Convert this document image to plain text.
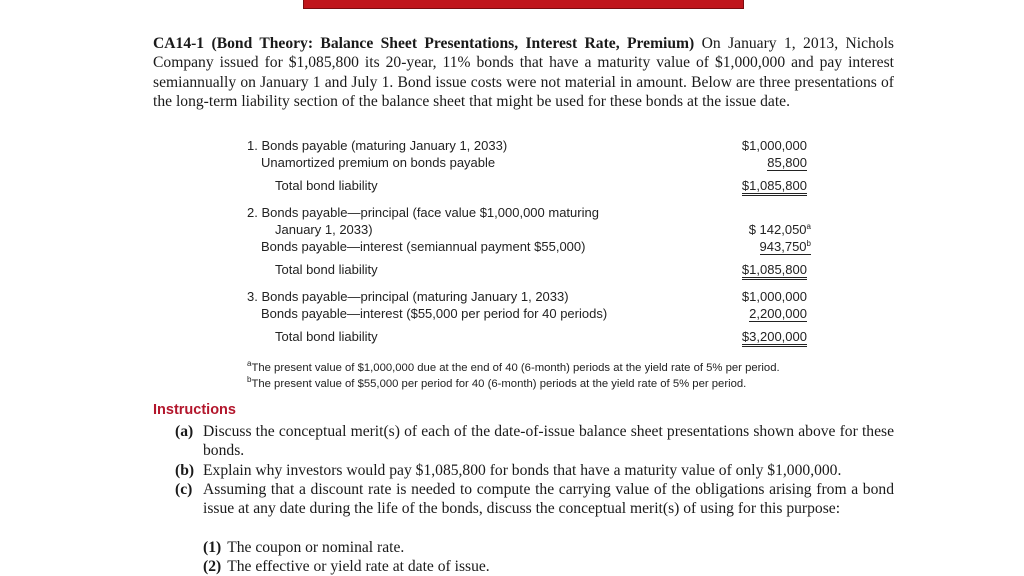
CA14-1 (Bond Theory: Balance Sheet Presentations, Interest Rate, Premium) On January 1, 2013, Nichols Company issued for $1,085,800 its 20-year, 11% bonds that have a maturity value of $1,000,000 and pay interest semiannually on January 1 and July 1. Bond issue costs were not material in amount. Below are three presentations of the long-term liability section of the balance sheet that might be used for these bonds at the issue date.
1. Bonds payable (maturing January 1, 2033)	$1,000,000
Unamortized premium on bonds payable	85,800
Total bond liability	$1,085,800
2. Bonds payable—principal (face value $1,000,000 maturing
January 1, 2033)	$ 142,050$^a$
Bonds payable—interest (semiannual payment $55,000)	943,750$^b$
Total bond liability	$1,085,800
3. Bonds payable—principal (maturing January 1, 2033)	$1,000,000
Bonds payable—interest ($55,000 per period for 40 periods)	2,200,000
Total bond liability	$3,200,000
$^a$The present value of $1,000,000 due at the end of 40 (6-month) periods at the yield rate of 5% per period.
$^b$The present value of $55,000 per period for 40 (6-month) periods at the yield rate of 5% per period.
Instructions
(a) Discuss the conceptual merit(s) of each of the date-of-issue balance sheet presentations shown above for these bonds.
(b) Explain why investors would pay $1,085,800 for bonds that have a maturity value of only $1,000,000.
(c) Assuming that a discount rate is needed to compute the carrying value of the obligations arising from a bond issue at any date during the life of the bonds, discuss the conceptual merit(s) of using for this purpose:
(1) The coupon or nominal rate.
(2) The effective or yield rate at date of issue.
